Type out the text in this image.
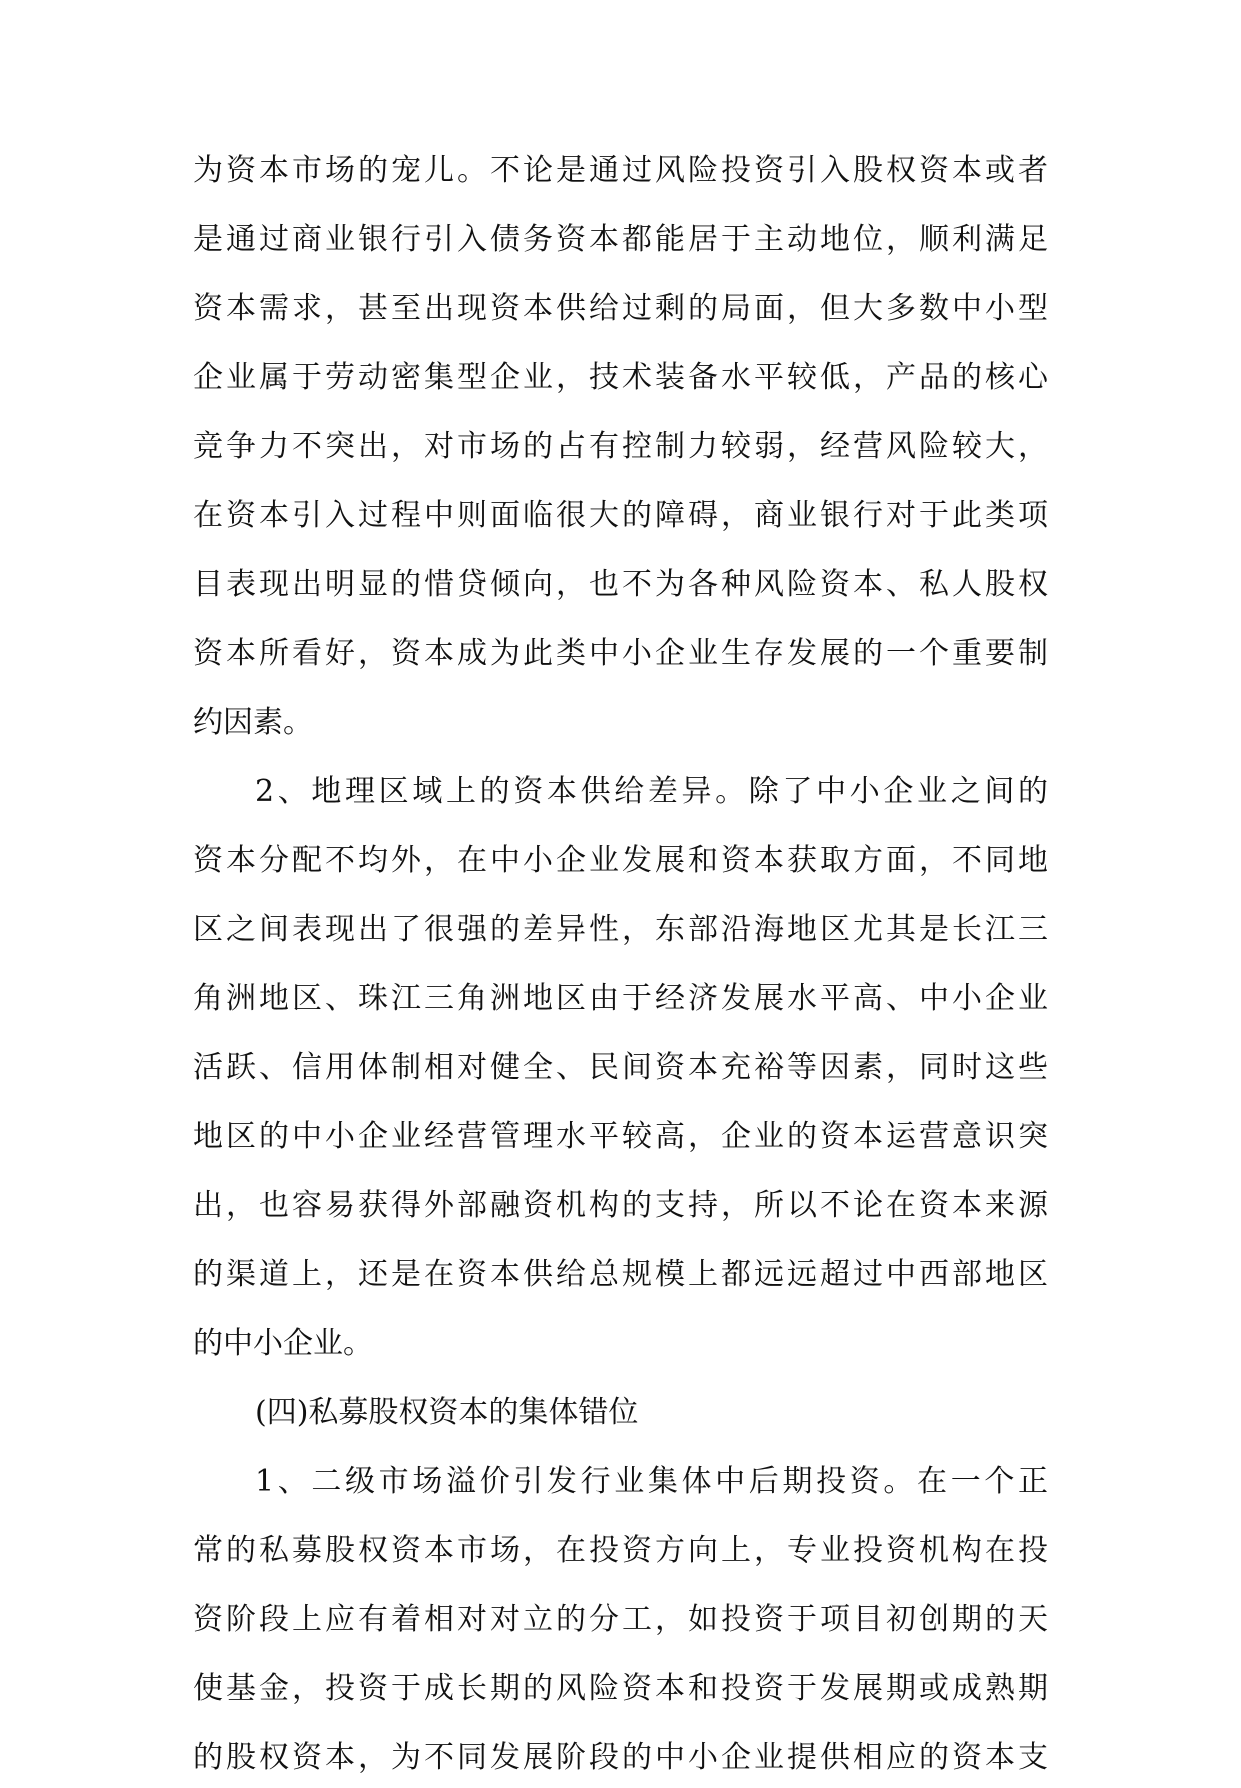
为资本市场的宠儿。不论是通过风险投资引入股权资本或者
是通过商业银行引入债务资本都能居于主动地位，顺利满足
资本需求，甚至出现资本供给过剩的局面，但大多数中小型
企业属于劳动密集型企业，技术装备水平较低，产品的核心
竞争力不突出，对市场的占有控制力较弱，经营风险较大，
在资本引入过程中则面临很大的障碍，商业银行对于此类项
目表现出明显的惜贷倾向，也不为各种风险资本、私人股权
资本所看好，资本成为此类中小企业生存发展的一个重要制
约因素。
2、地理区域上的资本供给差异。除了中小企业之间的
资本分配不均外，在中小企业发展和资本获取方面，不同地
区之间表现出了很强的差异性，东部沿海地区尤其是长江三
角洲地区、珠江三角洲地区由于经济发展水平高、中小企业
活跃、信用体制相对健全、民间资本充裕等因素，同时这些
地区的中小企业经营管理水平较高，企业的资本运营意识突
出，也容易获得外部融资机构的支持，所以不论在资本来源
的渠道上，还是在资本供给总规模上都远远超过中西部地区
的中小企业。
(四)私募股权资本的集体错位
1、二级市场溢价引发行业集体中后期投资。在一个正
常的私募股权资本市场，在投资方向上，专业投资机构在投
资阶段上应有着相对对立的分工，如投资于项目初创期的天
使基金，投资于成长期的风险资本和投资于发展期或成熟期
的股权资本，为不同发展阶段的中小企业提供相应的资本支
